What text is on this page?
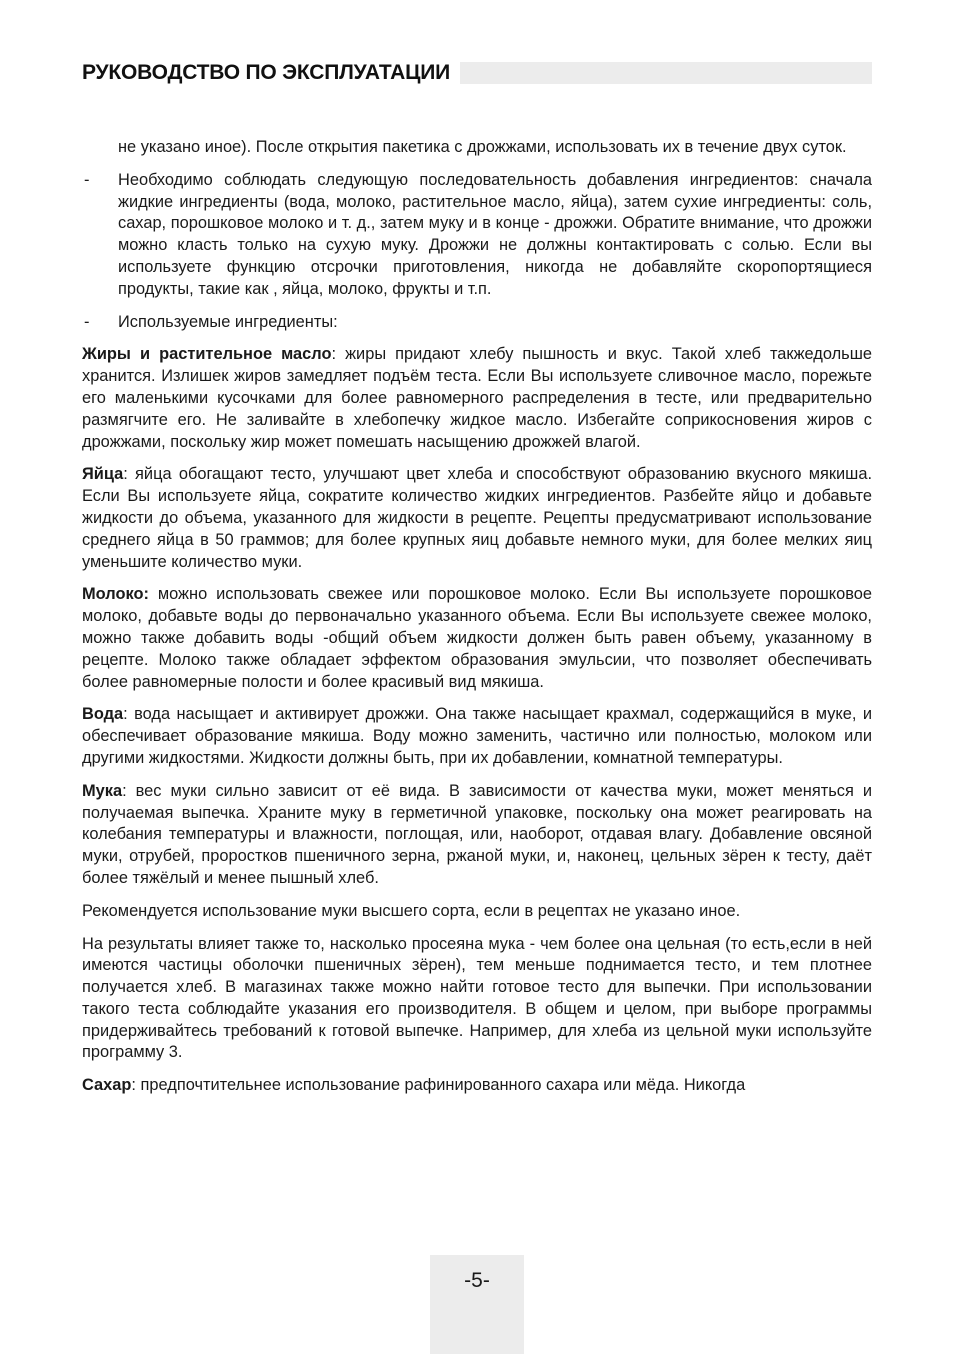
РУКОВОДСТВО ПО ЭКСПЛУАТАЦИИ

не указано иное). После открытия пакетика с дрожжами, использовать их в течение двух суток.

- Необходимо соблюдать следующую последовательность добавления ингредиентов: сначала жидкие ингредиенты (вода, молоко, растительное масло, яйца), затем сухие ингредиенты: соль, сахар, порошковое молоко и т. д., затем муку и в конце - дрожжи. Обратите внимание, что дрожжи можно класть только на сухую муку. Дрожжи не должны контактировать с солью. Если вы используете функцию отсрочки приготовления, никогда не добавляйте скоропортящиеся продукты, такие как , яйца, молоко, фрукты и т.п.

- Используемые ингредиенты:

Жиры и растительное масло: жиры придают хлебу пышность и вкус. Такой хлеб такжедольше хранится. Излишек жиров замедляет подъём теста. Если Вы используете сливочное масло, порежьте его маленькими кусочками для более равномерного распределения в тесте, или предварительно размягчите его. Не заливайте в хлебопечку жидкое масло. Избегайте соприкосновения жиров с дрожжами, поскольку жир может помешать насыщению дрожжей влагой.

Яйца: яйца обогащают тесто, улучшают цвет хлеба и способствуют образованию вкусного мякиша. Если Вы используете яйца, сократите количество жидких ингредиентов. Разбейте яйцо и добавьте жидкости до объема, указанного для жидкости в рецепте. Рецепты предусматривают использование среднего яйца в 50 граммов; для более крупных яиц добавьте немного муки, для более мелких яиц уменьшите количество муки.

Молоко: можно использовать свежее или порошковое молоко. Если Вы используете порошковое молоко, добавьте воды до первоначально указанного объема. Если Вы используете свежее молоко, можно также добавить воды -общий объем жидкости должен быть равен объему, указанному в рецепте. Молоко также обладает эффектом образования эмульсии, что позволяет обеспечивать более равномерные полости и более красивый вид мякиша.

Вода: вода насыщает и активирует дрожжи. Она также насыщает крахмал, содержащийся в муке, и обеспечивает образование мякиша. Воду можно заменить, частично или полностью, молоком или другими жидкостями. Жидкости должны быть, при их добавлении, комнатной температуры.

Мука: вес муки сильно зависит от её вида. В зависимости от качества муки, может меняться и получаемая выпечка. Храните муку в герметичной упаковке, поскольку она может реагировать на колебания температуры и влажности, поглощая, или, наоборот, отдавая влагу. Добавление овсяной муки, отрубей, проростков пшеничного зерна, ржаной муки, и, наконец, цельных зёрен к тесту, даёт более тяжёлый и менее пышный хлеб.

Рекомендуется использование муки высшего сорта, если в рецептах не указано иное.

На результаты влияет также то, насколько просеяна мука - чем более она цельная (то есть,если в ней имеются частицы оболочки пшеничных зёрен), тем меньше поднимается тесто, и тем плотнее получается хлеб. В магазинах также можно найти готовое тесто для выпечки. При использовании такого теста соблюдайте указания его производителя. В общем и целом, при выборе программы придерживайтесь требований к готовой выпечке. Например, для хлеба из цельной муки используйте программу 3.

Сахар: предпочтительнее использование рафинированного сахара или мёда. Никогда

-5-
